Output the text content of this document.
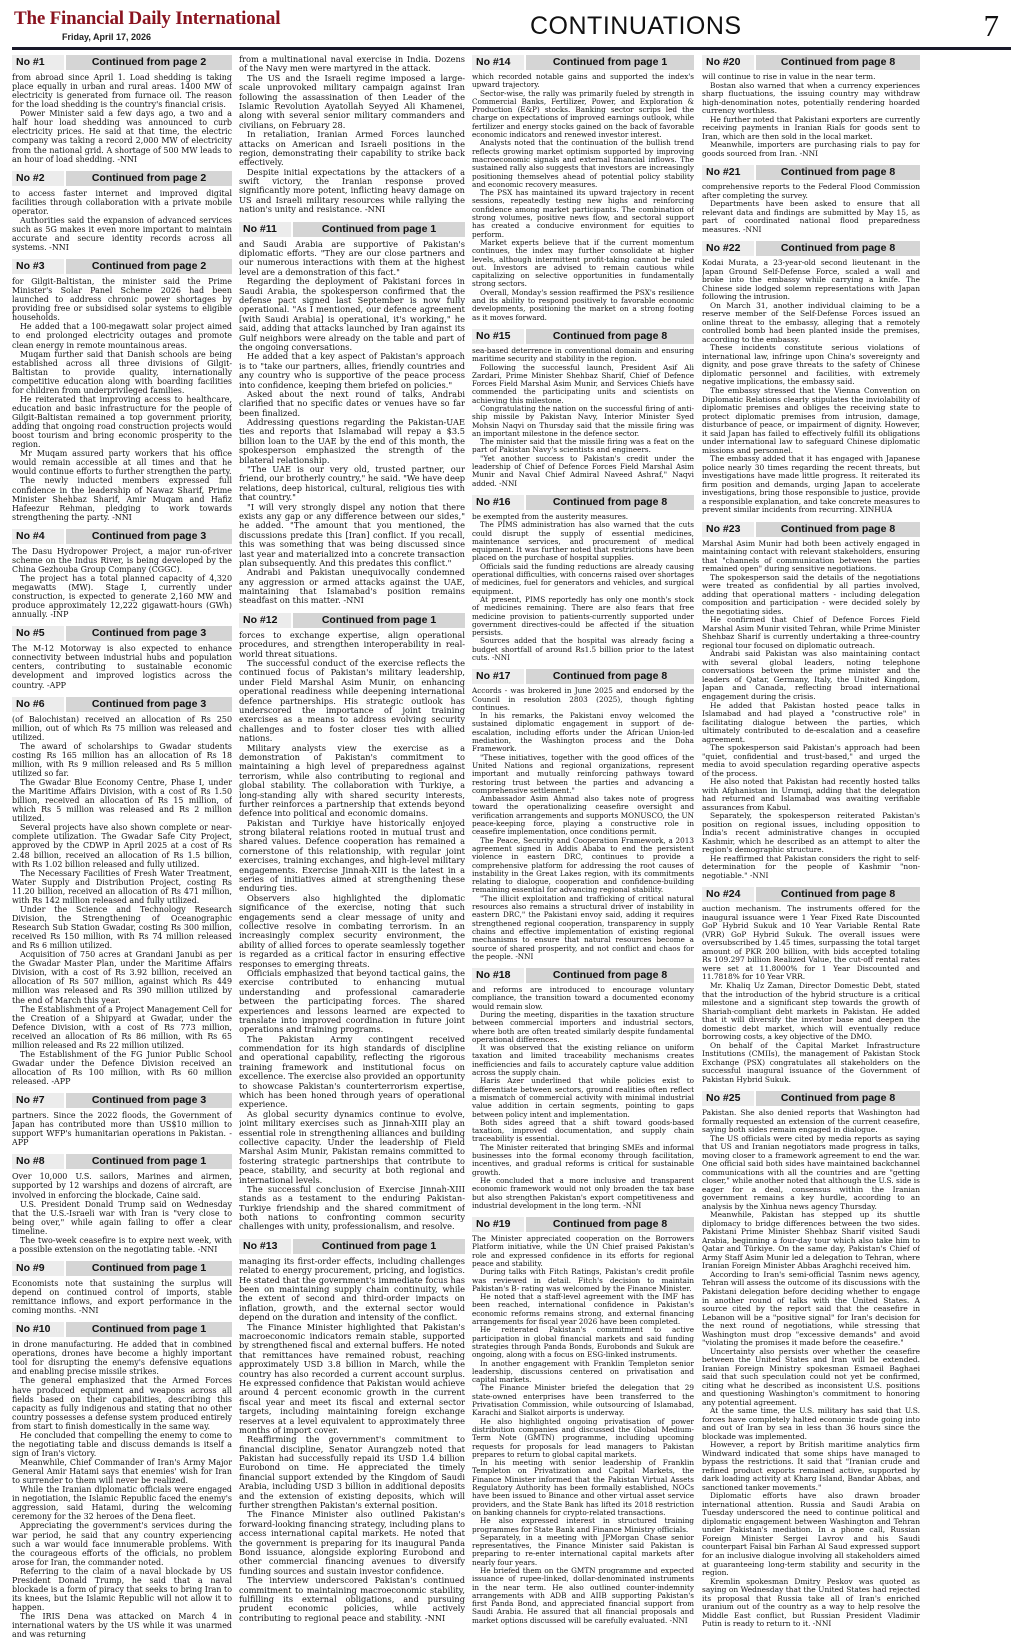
The Financial Daily International
Friday, April 17, 2026	CONTINUATIONS	7
No #1	Continued from page 2

from abroad since April 1. Load shedding is taking place equally in urban and rural areas. 1400 MW of electricity is generated from furnace oil. The reason for the load shedding is the country's financial crisis.

Power Minister said a few days ago, a two and a half hour load shedding was announced to curb electricity prices. He said at that time, the electric company was taking a record 2,000 MW of electricity from the national grid. A shortage of 500 MW leads to an hour of load shedding. -NNI

No #2	Continued from page 2

to access faster internet and improved digital facilities through collaboration with a private mobile operator.

Authorities said the expansion of advanced services such as 5G makes it even more important to maintain accurate and secure identity records across all systems. -NNI

No #3	Continued from page 2

for Gilgit-Baltistan, the minister said the Prime Minister's Solar Panel Scheme 2026 had been launched to address chronic power shortages by providing free or subsidised solar systems to eligible households.

He added that a 100-megawatt solar project aimed to end prolonged electricity outages and promote clean energy in remote mountainous areas.

Muqam further said that Danish schools are being established across all three divisions of Gilgit-Baltistan to provide quality, internationally competitive education along with boarding facilities for children from underprivileged families.

He reiterated that improving access to healthcare, education and basic infrastructure for the people of Gilgit-Baltistan remained a top government priority, adding that ongoing road construction projects would boost tourism and bring economic prosperity to the region.

Mr Muqam assured party workers that his office would remain accessible at all times and that he would continue efforts to further strengthen the party.

The newly inducted members expressed full confidence in the leadership of Nawaz Sharif, Prime Minister Shehbaz Sharif, Amir Muqam and Hafiz Hafeezur Rehman, pledging to work towards strengthening the party. -NNI

No #4	Continued from page 3

The Dasu Hydropower Project, a major run-of-river scheme on the Indus River, is being developed by the China Gezhouba Group Company (CGGC).

The project has a total planned capacity of 4,320 megawatts (MW). Stage I, currently under construction, is expected to generate 2,160 MW and produce approximately 12,222 gigawatt-hours (GWh) annually. -INP

No #5	Continued from page 3

The M-12 Motorway is also expected to enhance connectivity between industrial hubs and population centers, contributing to sustainable economic development and improved logistics across the country. -APP

No #6	Continued from page 3

(of Balochistan) received an allocation of Rs 250 million, out of which Rs 75 million was released and utilized.

The award of scholarships to Gwadar students costing Rs 165 million has an allocation of Rs 18 million, with Rs 9 million released and Rs 5 million utilized so far.

The Gwadar Blue Economy Centre, Phase I, under the Maritime Affairs Division, with a cost of Rs 1.50 billion, received an allocation of Rs 15 million, of which Rs 5 million was released and Rs 2 million utilized.

Several projects have also shown complete or near-complete utilization. The Gwadar Safe City Project, approved by the CDWP in April 2025 at a cost of Rs 2.48 billion, received an allocation of Rs 1.5 billion, with Rs 1.02 billion released and fully utilized.

The Necessary Facilities of Fresh Water Treatment, Water Supply and Distribution Project, costing Rs 11.20 billion, received an allocation of Rs 471 million, with Rs 142 million released and fully utilized.

Under the Science and Technology Research Division, the Strengthening of Oceanographic Research Sub Station Gwadar, costing Rs 300 million, received Rs 150 million, with Rs 74 million released and Rs 6 million utilized.

Acquisition of 750 acres at Grandani Janubi as per the Gwadar Master Plan, under the Maritime Affairs Division, with a cost of Rs 3.92 billion, received an allocation of Rs 507 million, against which Rs 449 million was released and Rs 390 million utilized by the end of March this year.

The Establishment of a Project Management Cell for the Creation of a Shipyard at Gwadar, under the Defence Division, with a cost of Rs 773 million, received an allocation of Rs 86 million, with Rs 65 million released and Rs 22 million utilized.

The Establishment of the FG Junior Public School Gwadar under the Defence Division received an allocation of Rs 100 million, with Rs 60 million released. -APP

No #7	Continued from page 3

partners. Since the 2022 floods, the Government of Japan has contributed more than US$10 million to support WFP's humanitarian operations in Pakistan. -APP

No #8	Continued from page 1

Over 10,000 U.S. sailors, Marines and airmen, supported by 12 warships and dozens of aircraft, are involved in enforcing the blockade, Caine said.

U.S. President Donald Trump said on Wednesday that the U.S.-Israeli war with Iran is "very close to being over," while again failing to offer a clear timeline.

The two-week ceasefire is to expire next week, with a possible extension on the negotiating table. -NNI

No #9	Continued from page 1

Economists note that sustaining the surplus will depend on continued control of imports, stable remittance inflows, and export performance in the coming months. -NNI

No #10	Continued from page 1

in drone manufacturing. He added that in combined operations, drones have become a highly important tool for disrupting the enemy's defensive equations and enabling precise missile strikes.

The general emphasized that the Armed Forces have produced equipment and weapons across all fields based on their capabilities, describing this capacity as fully indigenous and stating that no other country possesses a defense system produced entirely from start to finish domestically in the same way.

He concluded that compelling the enemy to come to the negotiating table and discuss demands is itself a sign of Iran's victory.

Meanwhile, Chief Commander of Iran's Army Major General Amir Hatami says that enemies' wish for Iran to surrender to them will never be realized.

While the Iranian diplomatic officials were engaged in negotiation, the Islamic Republic faced the enemy's aggression, said Hatami, during the welcoming ceremony for the 32 heroes of the Dena fleet.

Appreciating the government's services during the war period, he said that any country experiencing such a war would face innumerable problems. With the courageous efforts of the officials, no problem arose for Iran, the commander noted.

Referring to the claim of a naval blockade by US President Donald Trump, he said that a naval blockade is a form of piracy that seeks to bring Iran to its knees, but the Islamic Republic will not allow it to happen.

The IRIS Dena was attacked on March 4 in international waters by the US while it was unarmed and was returning

from a multinational naval exercise in India. Dozens of the Navy men were martyred in the attack.

The US and the Israeli regime imposed a large-scale unprovoked military campaign against Iran following the assassination of then Leader of the Islamic Revolution Ayatollah Seyyed Ali Khamenei, along with several senior military commanders and civilians, on February 28.

In retaliation, Iranian Armed Forces launched attacks on American and Israeli positions in the region, demonstrating their capability to strike back effectively.

Despite initial expectations by the attackers of a swift victory, the Iranian response proved significantly more potent, inflicting heavy damage on US and Israeli military resources while rallying the nation's unity and resistance. -NNI

No #11	Continued from page 1

and Saudi Arabia are supportive of Pakistan's diplomatic efforts. "They are our close partners and our numerous interactions with them at the highest level are a demonstration of this fact."

Regarding the deployment of Pakistani forces in Saudi Arabia, the spokesperson confirmed that the defense pact signed last September is now fully operational. "As I mentioned, our defence agreement [with Saudi Arabia] is operational, it's working," he said, adding that attacks launched by Iran against its Gulf neighbors were already on the table and part of the ongoing conversations.

He added that a key aspect of Pakistan's approach is to "take our partners, allies, friendly countries and any country who is supportive of the peace process into confidence, keeping them briefed on policies."

Asked about the next round of talks, Andrabi clarified that no specific dates or venues have so far been finalized.

Addressing questions regarding the Pakistan-UAE ties and reports that Islamabad will repay a $3.5 billion loan to the UAE by the end of this month, the spokesperson emphasized the strength of the bilateral relationship.

"The UAE is our very old, trusted partner, our friend, our brotherly country," he said. "We have deep relations, deep historical, cultural, religious ties with that country."

"I will very strongly dispel any notion that there exists any gap or any difference between our sides," he added. "The amount that you mentioned, the discussions predate this [Iran] conflict. If you recall, this was something that was being discussed since last year and materialized into a concrete transaction plan subsequently. And this predates this conflict."

Andrabi and Pakistan unequivocally condemned any aggression or armed attacks against the UAE, maintaining that Islamabad's position remains steadfast on this matter. -NNI

No #12	Continued from page 1

forces to exchange expertise, align operational procedures, and strengthen interoperability in real-world threat situations.

The successful conduct of the exercise reflects the continued focus of Pakistan's military leadership, under Field Marshal Asim Munir, on enhancing operational readiness while deepening international defence partnerships. His strategic outlook has underscored the importance of joint training exercises as a means to address evolving security challenges and to foster closer ties with allied nations.

Military analysts view the exercise as a demonstration of Pakistan's commitment to maintaining a high level of preparedness against terrorism, while also contributing to regional and global stability. The collaboration with Turkiye, a long-standing ally with shared security interests, further reinforces a partnership that extends beyond defence into political and economic domains.

Pakistan and Turkiye have historically enjoyed strong bilateral relations rooted in mutual trust and shared values. Defence cooperation has remained a cornerstone of this relationship, with regular joint exercises, training exchanges, and high-level military engagements. Exercise Jinnah-XIII is the latest in a series of initiatives aimed at strengthening these enduring ties.

Observers also highlighted the diplomatic significance of the exercise, noting that such engagements send a clear message of unity and collective resolve in combating terrorism. In an increasingly complex security environment, the ability of allied forces to operate seamlessly together is regarded as a critical factor in ensuring effective responses to emerging threats.

Officials emphasized that beyond tactical gains, the exercise contributed to enhancing mutual understanding and professional camaraderie between the participating forces. The shared experiences and lessons learned are expected to translate into improved coordination in future joint operations and training programs.

The Pakistan Army contingent received commendation for its high standards of discipline and operational capability, reflecting the rigorous training framework and institutional focus on excellence. The exercise also provided an opportunity to showcase Pakistan's counterterrorism expertise, which has been honed through years of operational experience.

As global security dynamics continue to evolve, joint military exercises such as Jinnah-XIII play an essential role in strengthening alliances and building collective capacity. Under the leadership of Field Marshal Asim Munir, Pakistan remains committed to fostering strategic partnerships that contribute to peace, stability, and security at both regional and international levels.

The successful conclusion of Exercise Jinnah-XIII stands as a testament to the enduring Pakistan-Turkiye friendship and the shared commitment of both nations to confronting common security challenges with unity, professionalism, and resolve.

No #13	Continued from page 1

managing its first-order effects, including challenges related to energy procurement, pricing, and logistics. He stated that the government's immediate focus has been on maintaining supply chain continuity, while the extent of second and third-order impacts on inflation, growth, and the external sector would depend on the duration and intensity of the conflict.

The Finance Minister highlighted that Pakistan's macroeconomic indicators remain stable, supported by strengthened fiscal and external buffers. He noted that remittances have remained robust, reaching approximately USD 3.8 billion in March, while the country has also recorded a current account surplus. He expressed confidence that Pakistan would achieve around 4 percent economic growth in the current fiscal year and meet its fiscal and external sector targets, including maintaining foreign exchange reserves at a level equivalent to approximately three months of import cover.

Reaffirming the government's commitment to financial discipline, Senator Aurangzeb noted that Pakistan had successfully repaid its USD 1.4 billion Eurobond on time. He appreciated the timely financial support extended by the Kingdom of Saudi Arabia, including USD 3 billion in additional deposits and the extension of existing deposits, which will further strengthen Pakistan's external position.

The Finance Minister also outlined Pakistan's forward-looking financing strategy, including plans to access international capital markets. He noted that the government is preparing for its inaugural Panda Bond issuance, alongside exploring Eurobond and other commercial financing avenues to diversify funding sources and sustain investor confidence.

The interview underscored Pakistan's continued commitment to maintaining macroeconomic stability, fulfilling its external obligations, and pursuing prudent economic policies, while actively contributing to regional peace and stability. -NNI

No #14	Continued from page 1

which recorded notable gains and supported the index's upward trajectory.

Sector-wise, the rally was primarily fueled by strength in Commercial Banks, Fertilizer, Power, and Exploration & Production (E&P) stocks. Banking sector scrips led the charge on expectations of improved earnings outlook, while fertilizer and energy stocks gained on the back of favorable economic indicators and renewed investor interest.

Analysts noted that the continuation of the bullish trend reflects growing market optimism supported by improving macroeconomic signals and external financial inflows. The sustained rally also suggests that investors are increasingly positioning themselves ahead of potential policy stability and economic recovery measures.

The PSX has maintained its upward trajectory in recent sessions, repeatedly testing new highs and reinforcing confidence among market participants. The combination of strong volumes, positive news flow, and sectoral support has created a conducive environment for equities to perform.

Market experts believe that if the current momentum continues, the index may further consolidate at higher levels, although intermittent profit-taking cannot be ruled out. Investors are advised to remain cautious while capitalizing on selective opportunities in fundamentally strong sectors.

Overall, Monday's session reaffirmed the PSX's resilience and its ability to respond positively to favorable economic developments, positioning the market on a strong footing as it moves forward.

No #15	Continued from page 8

sea-based deterrence in conventional domain and ensuring maritime security and stability in the region.

Following the successful launch, President Asif Ali Zardari, Prime Minister Shehbaz Sharif, Chief of Defence Forces Field Marshal Asim Munir, and Services Chiefs have commended the participating units and scientists on achieving this milestone.

Congratulating the nation on the successful firing of anti-ship missile by Pakistan Navy, Interior Minister Syed Mohsin Naqvi on Thursday said that the missile firing was an important milestone in the defence sector.

The minister said that the missile firing was a feat on the part of Pakistan Navy's scientists and engineers.

"Yet another success to Pakistan's credit under the leadership of Chief of Defence Forces Field Marshal Asim Munir and Naval Chief Admiral Naveed Ashraf," Naqvi added. -NNI

No #16	Continued from page 8

be exempted from the austerity measures.

The PIMS administration has also warned that the cuts could disrupt the supply of essential medicines, maintenance services, and procurement of medical equipment. It was further noted that restrictions have been placed on the purchase of hospital supplies.

Officials said the funding reductions are already causing operational difficulties, with concerns raised over shortages of medicines, fuel for generators and vehicles, and surgical equipment.

At present, PIMS reportedly has only one month's stock of medicines remaining. There are also fears that free medicine provision to patients-currently supported under government directives-could be affected if the situation persists.

Sources added that the hospital was already facing a budget shortfall of around Rs1.5 billion prior to the latest cuts. -NNI

No #17	Continued from page 8

Accords - was brokered in June 2025 and endorsed by the Council in resolution 2803 (2025), though fighting continues.

In his remarks, the Pakistani envoy welcomed the sustained diplomatic engagement in support of de-escalation, including efforts under the African Union-led mediation, the Washington process and the Doha Framework.

"These initiatives, together with the good offices of the United Nations and regional organizations, represent important and mutually reinforcing pathways toward restoring trust between the parties and advancing a comprehensive settlement."

Ambassador Asim Ahmad also takes note of progress toward the operationalizing ceasefire oversight and verification arrangements and supports MONUSCO, the UN peace-keeping force, playing a constructive role in ceasefire implementation, once conditions permit.

The Peace, Security and Cooperation Framework, a 2013 agreement signed in Addis Ababa to end the persistent violence in eastern DRC, continues to provide a comprehensive platform for addressing the root causes of instability in the Great Lakes region, with its commitments relating to dialogue, cooperation and confidence-building remaining essential for advancing regional stability.

"The illicit exploitation and trafficking of critical natural resources also remains a structural driver of instability in eastern DRC," the Pakistani envoy said, adding it requires strengthened regional cooperation, transparency in supply chains and effective implementation of existing regional mechanisms to ensure that natural resources become a source of shared prosperity, and not conflict and chaos for the people. -NNI

No #18	Continued from page 8

and reforms are introduced to encourage voluntary compliance, the transition toward a documented economy would remain slow.

During the meeting, disparities in the taxation structure between commercial importers and industrial sectors, where both are often treated similarly despite fundamental operational differences.

It was observed that the existing reliance on uniform taxation and limited traceability mechanisms creates inefficiencies and fails to accurately capture value addition across the supply chain.

Haris Azer underlined that while policies exist to differentiate between sectors, ground realities often reflect a mismatch of commercial activity with minimal industrial value addition in certain segments, pointing to gaps between policy intent and implementation.

Both sides agreed that a shift toward goods-based taxation, improved documentation, and supply chain traceability is essential.

The Minister reiterated that bringing SMEs and informal businesses into the formal economy through facilitation, incentives, and gradual reforms is critical for sustainable growth.

He concluded that a more inclusive and transparent economic framework would not only broaden the tax base but also strengthen Pakistan's export competitiveness and industrial development in the long term. -NNI

No #19	Continued from page 8

The Minister appreciated cooperation on the Borrowers Platform initiative, while the UN Chief praised Pakistan's role and expressed confidence in its efforts for regional peace and stability.

During talks with Fitch Ratings, Pakistan's credit profile was reviewed in detail. Fitch's decision to maintain Pakistan's B- rating was welcomed by the Finance Minister.

He noted that a staff-level agreement with the IMF has been reached, international confidence in Pakistan's economic reforms remains strong, and external financing arrangements for fiscal year 2026 have been completed.

He reiterated Pakistan's commitment to active participation in global financial markets and said funding strategies through Panda Bonds, Eurobonds and Sukuk are ongoing, along with a focus on ESG-linked instruments.

In another engagement with Franklin Templeton senior leadership, discussions centered on privatisation and capital markets.

The Finance Minister briefed the delegation that 29 state-owned enterprises have been transferred to the Privatisation Commission, while outsourcing of Islamabad, Karachi and Sialkot airports is underway.

He also highlighted ongoing privatisation of power distribution companies and discussed the Global Medium-Term Note (GMTN) programme, including upcoming requests for proposals for lead managers to Pakistan prepares to return to global capital markets.

In his meeting with senior leadership of Franklin Templeton on Privatization and Capital Markets, the Finance Minister informed that the Pakistan Virtual Assets Regulatory Authority has been formally established, NOCs have been issued to Binance and other virtual asset service providers, and the State Bank has lifted its 2018 restriction on banking channels for crypto-related transactions.

He also expressed interest in structured training programmes for State Bank and Finance Ministry officials.

Separately, in a meeting with JPMorgan Chase senior representatives, the Finance Minister said Pakistan is preparing to re-enter international capital markets after nearly four years.

He briefed them on the GMTN programme and expected issuance of rupee-linked, dollar-denominated instruments in the near term. He also outlined counter-indemnity arrangements with ADB and AIIB supporting Pakistan's first Panda Bond, and appreciated financial support from Saudi Arabia. He assured that all financial proposals and market options discussed will be carefully evaluated. -NNI

No #20	Continued from page 8

will continue to rise in value in the near term.

Bostan also warned that when a currency experiences sharp fluctuations, the issuing country may withdraw high-denomination notes, potentially rendering hoarded currency worthless.

He further noted that Pakistani exporters are currently receiving payments in Iranian Rials for goods sent to Iran, which are then sold in the local market.

Meanwhile, importers are purchasing rials to pay for goods sourced from Iran. -NNI

No #21	Continued from page 8

comprehensive reports to the Federal Flood Commission after completing the survey.

Departments have been asked to ensure that all relevant data and findings are submitted by May 15, as part of coordinated national flood preparedness measures. -NNI

No #22	Continued from page 8

Kodai Murata, a 23-year-old second lieutenant in the Japan Ground Self-Defense Force, scaled a wall and broke into the embassy while carrying a knife. The Chinese side lodged solemn representations with Japan following the intrusion.

On March 31, another individual claiming to be a reserve member of the Self-Defense Forces issued an online threat to the embassy, alleging that a remotely controlled bomb had been planted inside the premises, according to the embassy.

These incidents constitute serious violations of international law, infringe upon China's sovereignty and dignity, and pose grave threats to the safety of Chinese diplomatic personnel and facilities, with extremely negative implications, the embassy said.

The embassy stressed that the Vienna Convention on Diplomatic Relations clearly stipulates the inviolability of diplomatic premises and obliges the receiving state to protect diplomatic premises from intrusion, damage, disturbance of peace, or impairment of dignity. However, it said Japan has failed to effectively fulfill its obligations under international law to safeguard Chinese diplomatic missions and personnel.

The embassy added that it has engaged with Japanese police nearly 30 times regarding the recent threats, but investigations have made little progress. It reiterated its firm position and demands, urging Japan to accelerate investigations, bring those responsible to justice, provide a responsible explanation, and take concrete measures to prevent similar incidents from recurring. XINHUA

No #23	Continued from page 8

Marshal Asim Munir had both been actively engaged in maintaining contact with relevant stakeholders, ensuring that "channels of communication between the parties remained open" during sensitive negotiations.

The spokesperson said the details of the negotiations were treated as confidential by all parties involved, adding that operational matters - including delegation composition and participation - were decided solely by the negotiating sides.

He confirmed that Chief of Defence Forces Field Marshal Asim Munir visited Tehran, while Prime Minister Shehbaz Sharif is currently undertaking a three-country regional tour focused on diplomatic outreach.

Andrabi said Pakistan was also maintaining contact with several global leaders, noting telephone conversations between the prime minister and the leaders of Qatar, Germany, Italy, the United Kingdom, Japan and Canada, reflecting broad international engagement during the crisis.

He added that Pakistan hosted peace talks in Islamabad and had played a "constructive role" in facilitating dialogue between the parties, which ultimately contributed to de-escalation and a ceasefire agreement.

The spokesperson said Pakistan's approach had been "quiet, confidential and trust-based," and urged the media to avoid speculation regarding operative aspects of the process.

He also noted that Pakistan had recently hosted talks with Afghanistan in Urumqi, adding that the delegation had returned and Islamabad was awaiting verifiable assurances from Kabul.

Separately, the spokesperson reiterated Pakistan's position on regional issues, including opposition to India's recent administrative changes in occupied Kashmir, which he described as an attempt to alter the region's demographic structure.

He reaffirmed that Pakistan considers the right to self-determination for the people of Kashmir "non-negotiable." -NNI

No #24	Continued from page 8

auction mechanism. The instruments offered for the inaugural issuance were 1 Year Fixed Rate Discounted GoP Hybrid Sukuk and 10 Year Variable Rental Rate (VRR) GoP Hybrid Sukuk. The overall issues were oversubscribed by 1.45 times, surpassing the total target amount of PKR 200 billion, with bids accepted totaling Rs 109.297 billion Realized Value, the cut-off rental rates were set at 11.8000% for 1 Year Discounted and 11.7818% for 10 Year VRR.

Mr. Khaliq Uz Zaman, Director Domestic Debt, stated that the introduction of the hybrid structure is a critical milestone and a significant step towards the growth of Shariah-compliant debt markets in Pakistan. He added that it will diversify the investor base and deepen the domestic debt market, which will eventually reduce borrowing costs, a key objective of the DMO.

On behalf of the Capital Market Infrastructure Institutions (CMIIs), the management of Pakistan Stock Exchange (PSX) congratulates all stakeholders on the successful inaugural issuance of the Government of Pakistan Hybrid Sukuk.

No #25	Continued from page 8

Pakistan. She also denied reports that Washington had formally requested an extension of the current ceasefire, saying both sides remain engaged in dialogue.

The US officials were cited by media reports as saying that US and Iranian negotiators made progress in talks, moving closer to a framework agreement to end the war. One official said both sides have maintained backchannel communications with all the countries and are "getting closer," while another noted that although the U.S. side is eager for a deal, consensus within the Iranian government remains a key hurdle, according to an analysis by the Xinhua news agency Thursday.

Meanwhile, Pakistan has stepped up its shuttle diplomacy to bridge differences between the two sides. Pakistani Prime Minister Shehbaz Sharif visited Saudi Arabia, beginning a four-day tour which also take him to Qatar and Türkiye. On the same day, Pakistan's Chief of Army Staff Asim Munir led a delegation to Tehran, where Iranian Foreign Minister Abbas Araghchi received him.

According to Iran's semi-official Tasnim news agency, Tehran will assess the outcome of its discussions with the Pakistani delegation before deciding whether to engage in another round of talks with the United States. A source cited by the report said that the ceasefire in Lebanon will be a "positive signal" for Iran's decision for the next round of negotiations, while stressing that Washington must drop "excessive demands" and avoid "violating the promises it made before the ceasefire."

Uncertainty also persists over whether the ceasefire between the United States and Iran will be extended. Iranian Foreign Ministry spokesman Esmaeil Baghaei said that such speculation could not yet be confirmed, citing what he described as inconsistent U.S. positions and questioning Washington's commitment to honoring any potential agreement.

At the same time, the U.S. military has said that U.S. forces have completely halted economic trade going into and out of Iran by sea in less than 36 hours since the blockade was implemented.

However, a report by British maritime analytics firm Windward indicated that some ships have managed to bypass the restrictions. It said that "Iranian crude and refined product exports remained active, supported by dark loading activity at Kharg Island, Bandar Abbas, and sanctioned tanker movements."

Diplomatic efforts have also drawn broader international attention. Russia and Saudi Arabia on Tuesday underscored the need to continue political and diplomatic engagement between Washington and Tehran under Pakistan's mediation. In a phone call, Russian Foreign Minister Sergei Lavrov and his Saudi counterpart Faisal bin Farhan Al Saud expressed support for an inclusive dialogue involving all stakeholders aimed at guaranteeing long-term stability and security in the region.

Kremlin spokesman Dmitry Peskov was quoted as saying on Wednesday that the United States had rejected its proposal that Russia take all of Iran's enriched uranium out of the country as a way to help resolve the Middle East conflict, but Russian President Vladimir Putin is ready to return to it. -NNI
